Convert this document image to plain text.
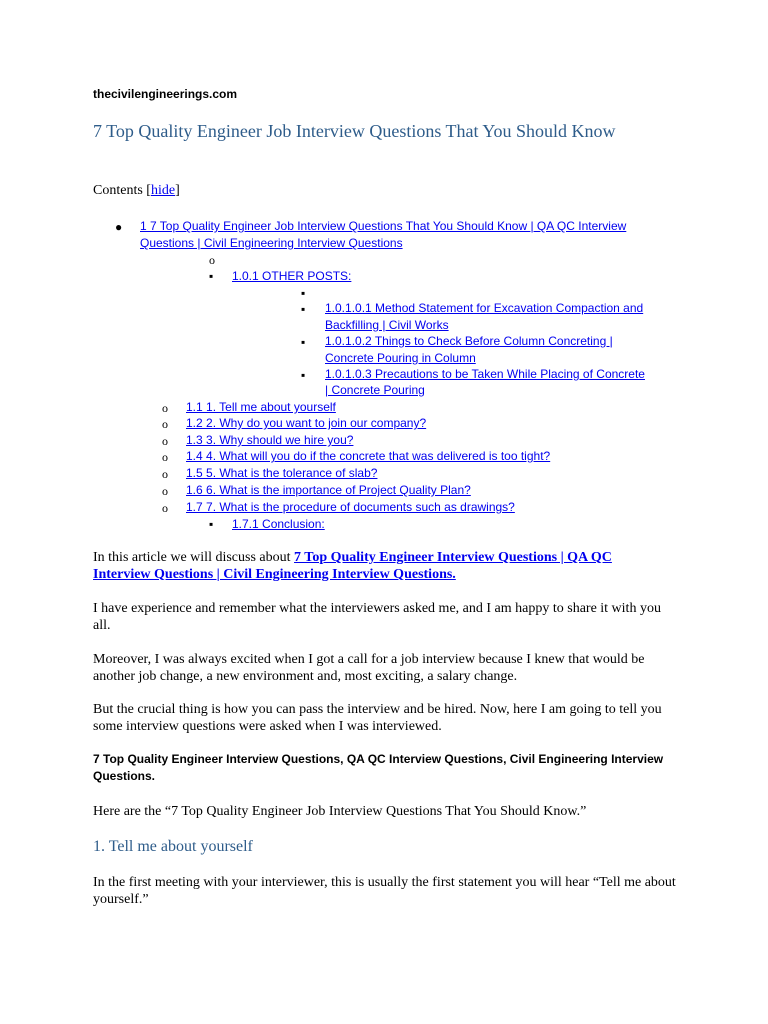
thecivilengineerings.com
7 Top Quality Engineer Job Interview Questions That You Should Know
Contents [hide]
● 1 7 Top Quality Engineer Job Interview Questions That You Should Know | QA QC Interview
Questions | Civil Engineering Interview Questions
o
▪ 1.0.1 OTHER POSTS:
▪
▪ 1.0.1.0.1 Method Statement for Excavation Compaction and
Backfilling | Civil Works
▪ 1.0.1.0.2 Things to Check Before Column Concreting |
Concrete Pouring in Column
▪ 1.0.1.0.3 Precautions to be Taken While Placing of Concrete
| Concrete Pouring
o 1.1 1. Tell me about yourself
o 1.2 2. Why do you want to join our company?
o 1.3 3. Why should we hire you?
o 1.4 4. What will you do if the concrete that was delivered is too tight?
o 1.5 5. What is the tolerance of slab?
o 1.6 6. What is the importance of Project Quality Plan?
o 1.7 7. What is the procedure of documents such as drawings?
▪ 1.7.1 Conclusion:

In this article we will discuss about 7 Top Quality Engineer Interview Questions | QA QC
Interview Questions | Civil Engineering Interview Questions.

I have experience and remember what the interviewers asked me, and I am happy to share it with you all.

Moreover, I was always excited when I got a call for a job interview because I knew that would be another job change, a new environment and, most exciting, a salary change.

But the crucial thing is how you can pass the interview and be hired. Now, here I am going to tell you some interview questions were asked when I was interviewed.

7 Top Quality Engineer Interview Questions, QA QC Interview Questions, Civil Engineering Interview Questions.

Here are the “7 Top Quality Engineer Job Interview Questions That You Should Know.”

1. Tell me about yourself

In the first meeting with your interviewer, this is usually the first statement you will hear “Tell me about yourself.”
